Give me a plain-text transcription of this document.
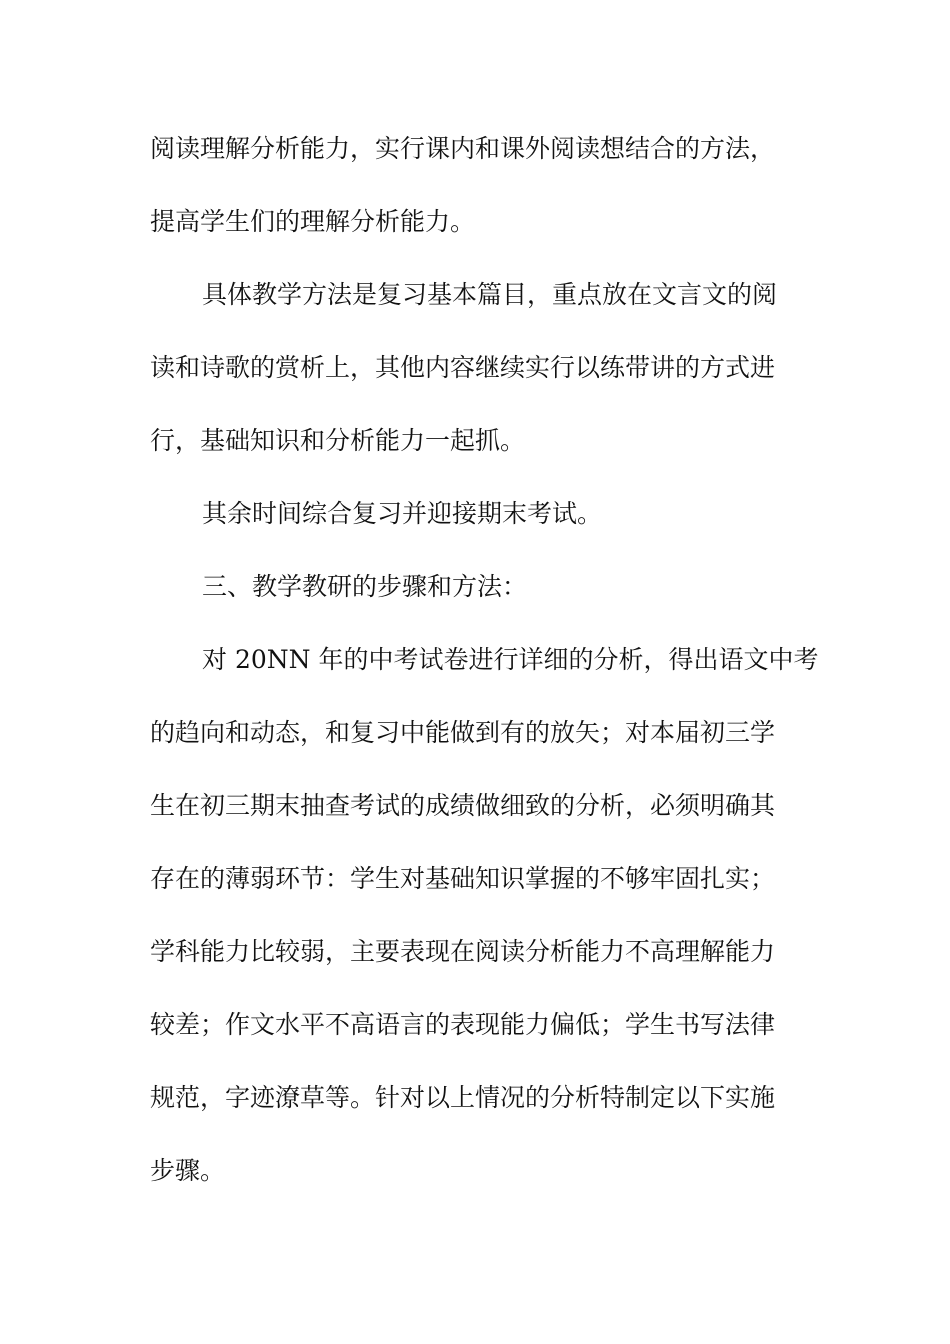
阅读理解分析能力，实行课内和课外阅读想结合的方法，
提高学生们的理解分析能力。
具体教学方法是复习基本篇目，重点放在文言文的阅
读和诗歌的赏析上，其他内容继续实行以练带讲的方式进
行，基础知识和分析能力一起抓。
其余时间综合复习并迎接期末考试。
三、教学教研的步骤和方法：
对 20NN 年的中考试卷进行详细的分析，得出语文中考
的趋向和动态，和复习中能做到有的放矢；对本届初三学
生在初三期末抽查考试的成绩做细致的分析，必须明确其
存在的薄弱环节：学生对基础知识掌握的不够牢固扎实；
学科能力比较弱，主要表现在阅读分析能力不高理解能力
较差；作文水平不高语言的表现能力偏低；学生书写法律
规范，字迹潦草等。针对以上情况的分析特制定以下实施
步骤。
